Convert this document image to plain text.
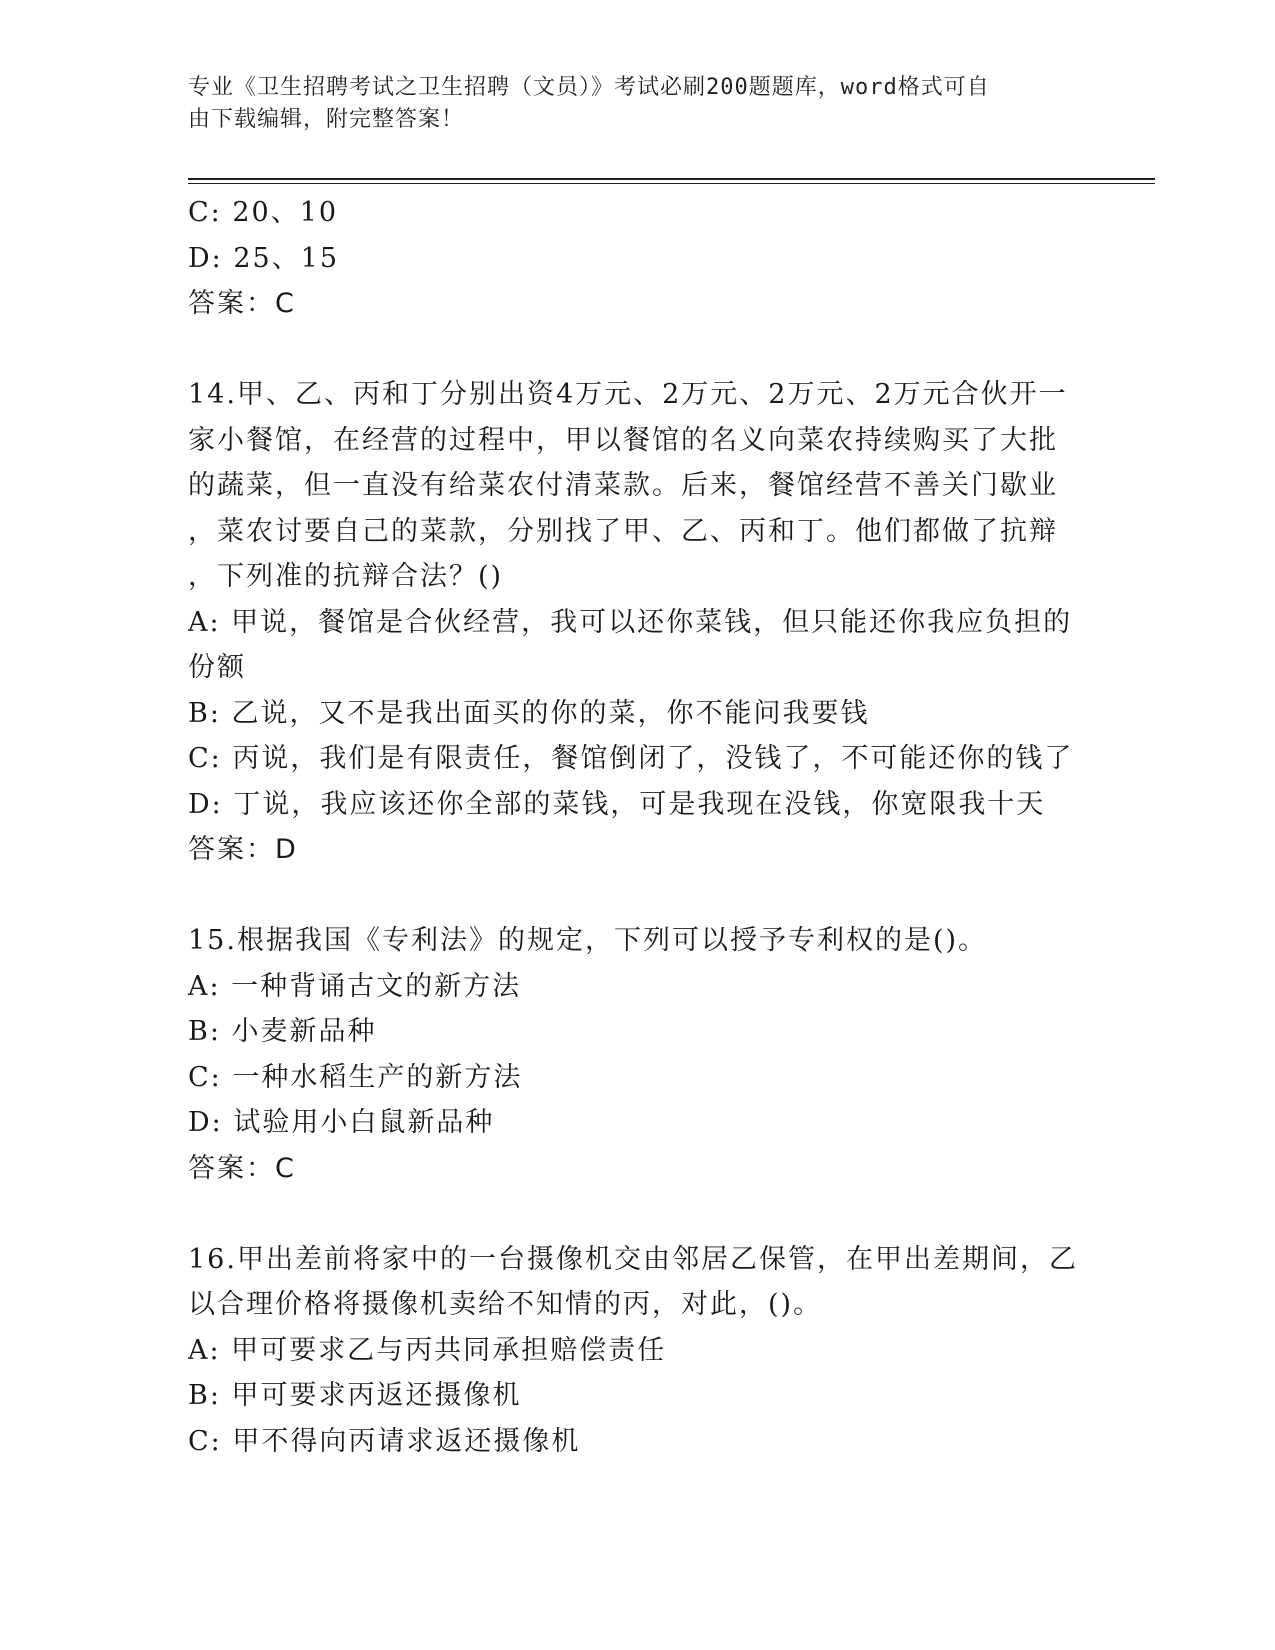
专业《卫生招聘考试之卫生招聘（文员）》考试必刷200题题库，word格式可自
由下载编辑，附完整答案！
C: 20、10
D: 25、15
答案：C
14.甲、乙、丙和丁分别出资4万元、2万元、2万元、2万元合伙开一
家小餐馆，在经营的过程中，甲以餐馆的名义向菜农持续购买了大批
的蔬菜，但一直没有给菜农付清菜款。后来，餐馆经营不善关门歇业
，菜农讨要自己的菜款，分别找了甲、乙、丙和丁。他们都做了抗辩
，下列准的抗辩合法？()
A: 甲说，餐馆是合伙经营，我可以还你菜钱，但只能还你我应负担的
份额
B: 乙说，又不是我出面买的你的菜，你不能问我要钱
C: 丙说，我们是有限责任，餐馆倒闭了，没钱了，不可能还你的钱了
D: 丁说，我应该还你全部的菜钱，可是我现在没钱，你宽限我十天
答案：D
15.根据我国《专利法》的规定，下列可以授予专利权的是()。
A: 一种背诵古文的新方法
B: 小麦新品种
C: 一种水稻生产的新方法
D: 试验用小白鼠新品种
答案：C
16.甲出差前将家中的一台摄像机交由邻居乙保管，在甲出差期间，乙
以合理价格将摄像机卖给不知情的丙，对此，()。
A: 甲可要求乙与丙共同承担赔偿责任
B: 甲可要求丙返还摄像机
C: 甲不得向丙请求返还摄像机
